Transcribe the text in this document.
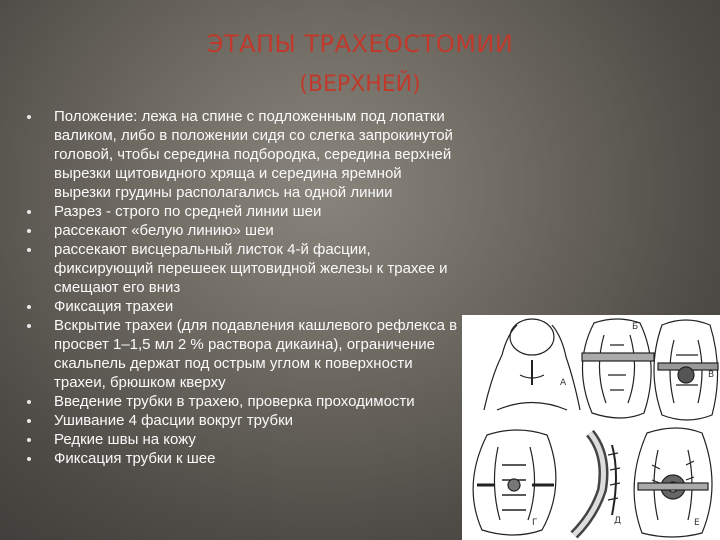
ЭТАПЫ ТРАХЕОСТОМИИ
(ВЕРХНЕЙ)
Положение: лежа на спине с подложенным под лопатки
валиком, либо в положении сидя со слегка запрокинутой
головой, чтобы середина подбородка, середина верхней
вырезки щитовидного хряща и середина яремной
вырезки грудины располагались на одной линии
Разрез - строго по средней линии шеи
рассекают «белую линию» шеи
рассекают висцеральный листок 4-й фасции,
фиксирующий перешеек щитовидной железы к трахее и
смещают его вниз
Фиксация трахеи
Вскрытие трахеи (для подавления кашлевого рефлекса в
просвет 1–1,5 мл 2 % раствора дикаина), ограничение
скальпель держат под острым углом к поверхности
трахеи, брюшком кверху
Введение трубки в трахею, проверка проходимости
Ушивание 4 фасции вокруг трубки
Редкие швы на кожу
Фиксация трубки к шее
А
Б
В
Г	Д	Е
